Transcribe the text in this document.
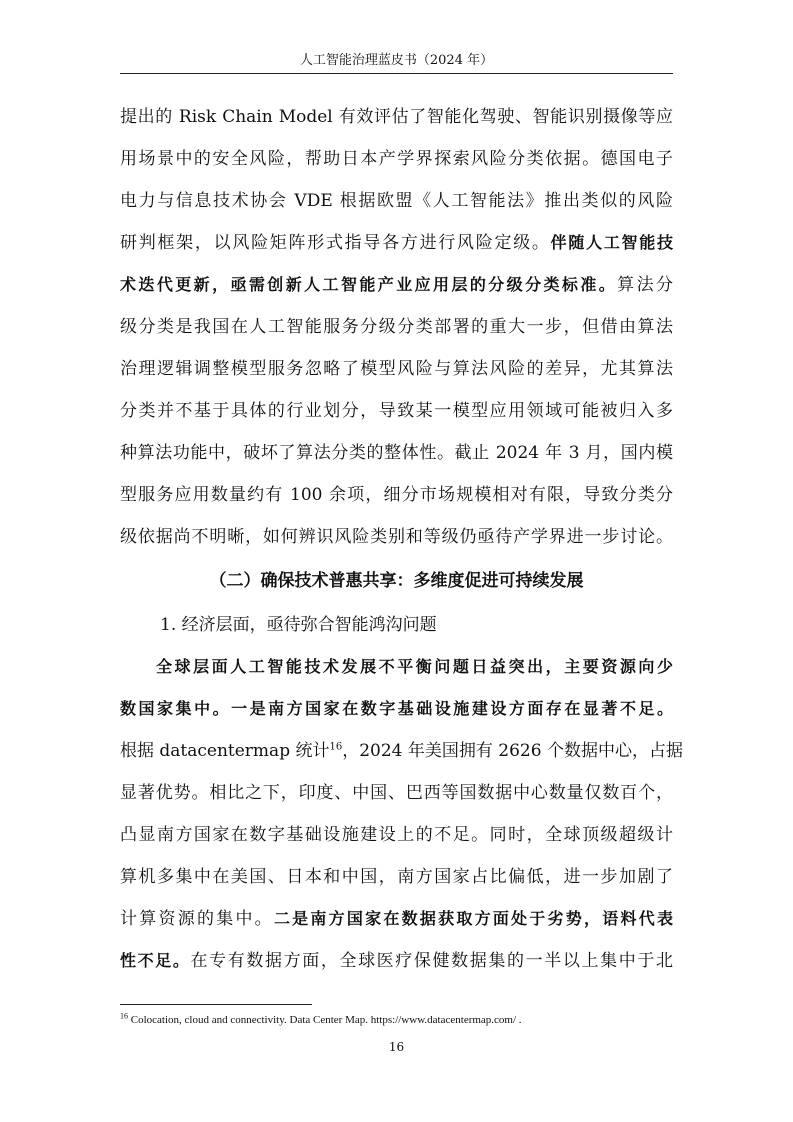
人工智能治理蓝皮书（2024 年）
提出的 Risk Chain Model 有效评估了智能化驾驶、智能识别摄像等应
用场景中的安全风险，帮助日本产学界探索风险分类依据。德国电子
电力与信息技术协会 VDE 根据欧盟《人工智能法》推出类似的风险
研判框架，以风险矩阵形式指导各方进行风险定级。伴随人工智能技
术迭代更新，亟需创新人工智能产业应用层的分级分类标准。算法分
级分类是我国在人工智能服务分级分类部署的重大一步，但借由算法
治理逻辑调整模型服务忽略了模型风险与算法风险的差异，尤其算法
分类并不基于具体的行业划分，导致某一模型应用领域可能被归入多
种算法功能中，破坏了算法分类的整体性。截止 2024 年 3 月，国内模
型服务应用数量约有 100 余项，细分市场规模相对有限，导致分类分
级依据尚不明晰，如何辨识风险类别和等级仍亟待产学界进一步讨论。
（二）确保技术普惠共享：多维度促进可持续发展
1. 经济层面，亟待弥合智能鸿沟问题
全球层面人工智能技术发展不平衡问题日益突出，主要资源向少
数国家集中。一是南方国家在数字基础设施建设方面存在显著不足。
根据 datacentermap 统计$^{16}$，2024 年美国拥有 2626 个数据中心，占据
显著优势。相比之下，印度、中国、巴西等国数据中心数量仅数百个，
凸显南方国家在数字基础设施建设上的不足。同时，全球顶级超级计
算机多集中在美国、日本和中国，南方国家占比偏低，进一步加剧了
计算资源的集中。二是南方国家在数据获取方面处于劣势，语料代表
性不足。在专有数据方面，全球医疗保健数据集的一半以上集中于北
$^{16}$ Colocation, cloud and connectivity. Data Center Map. https://www.datacentermap.com/ .
16
